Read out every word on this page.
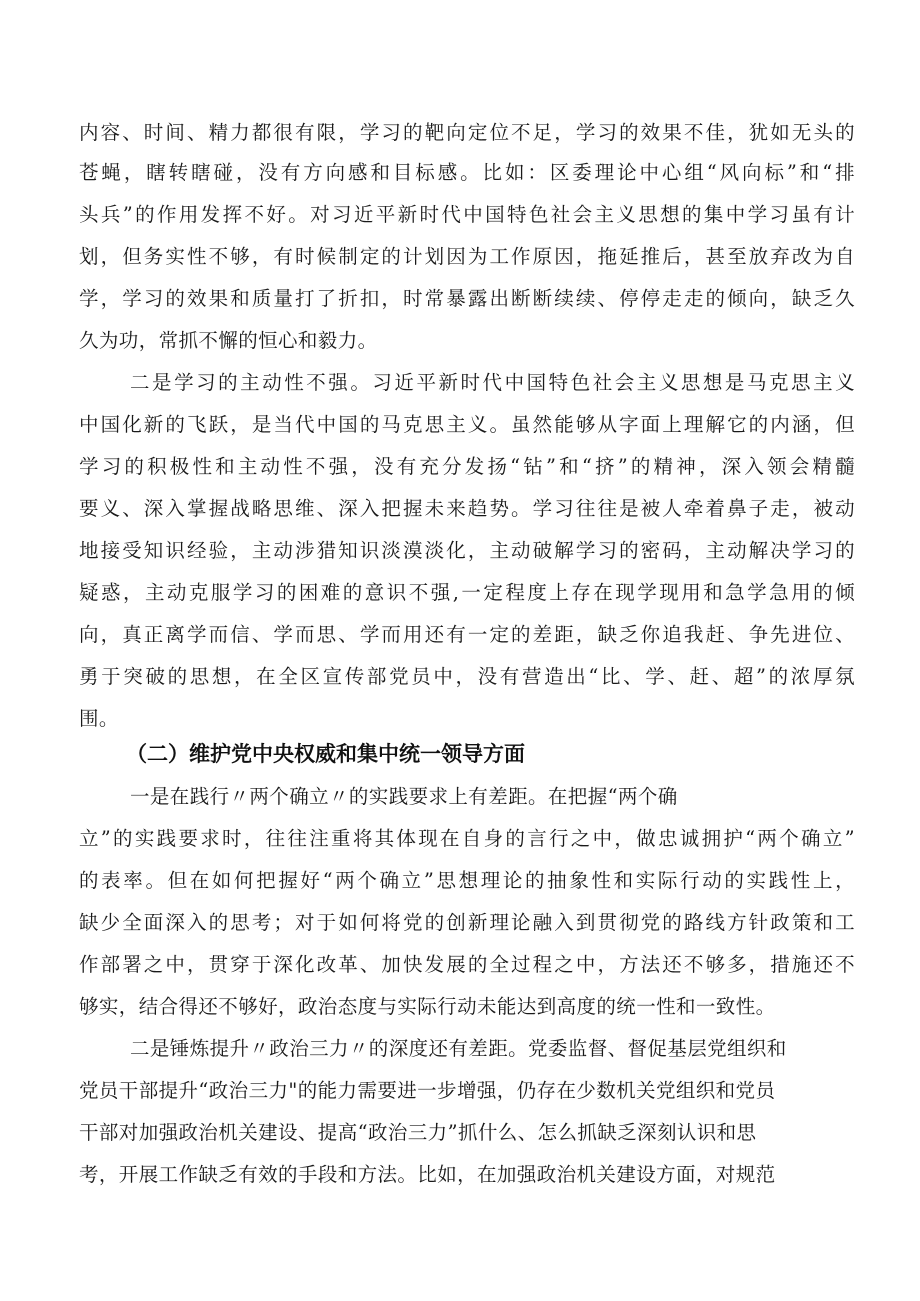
内容、时间、精力都很有限，学习的靶向定位不足，学习的效果不佳，犹如无头的
苍蝇，瞎转瞎碰，没有方向感和目标感。比如：区委理论中心组“风向标”和“排
头兵”的作用发挥不好。对习近平新时代中国特色社会主义思想的集中学习虽有计
划，但务实性不够，有时候制定的计划因为工作原因，拖延推后，甚至放弃改为自
学，学习的效果和质量打了折扣，时常暴露出断断续续、停停走走的倾向，缺乏久
久为功，常抓不懈的恒心和毅力。
二是学习的主动性不强。习近平新时代中国特色社会主义思想是马克思主义
中国化新的飞跃，是当代中国的马克思主义。虽然能够从字面上理解它的内涵，但
学习的积极性和主动性不强，没有充分发扬“钻”和“挤”的精神，深入领会精髓
要义、深入掌握战略思维、深入把握未来趋势。学习往往是被人牵着鼻子走，被动
地接受知识经验，主动涉猎知识淡漠淡化，主动破解学习的密码，主动解决学习的
疑惑，主动克服学习的困难的意识不强,一定程度上存在现学现用和急学急用的倾
向，真正离学而信、学而思、学而用还有一定的差距，缺乏你追我赶、争先进位、
勇于突破的思想，在全区宣传部党员中，没有营造出“比、学、赶、超”的浓厚氛
围。
（二）维护党中央权威和集中统一领导方面
一是在践行〃两个确立〃的实践要求上有差距。在把握“两个确
立”的实践要求时，往往注重将其体现在自身的言行之中，做忠诚拥护“两个确立”
的表率。但在如何把握好“两个确立”思想理论的抽象性和实际行动的实践性上，
缺少全面深入的思考；对于如何将党的创新理论融入到贯彻党的路线方针政策和工
作部署之中，贯穿于深化改革、加快发展的全过程之中，方法还不够多，措施还不
够实，结合得还不够好，政治态度与实际行动未能达到高度的统一性和一致性。
二是锤炼提升〃政治三力〃的深度还有差距。党委监督、督促基层党组织和
党员干部提升“政治三力"的能力需要进一步增强，仍存在少数机关党组织和党员
干部对加强政治机关建设、提高“政治三力”抓什么、怎么抓缺乏深刻认识和思
考，开展工作缺乏有效的手段和方法。比如，在加强政治机关建设方面，对规范
